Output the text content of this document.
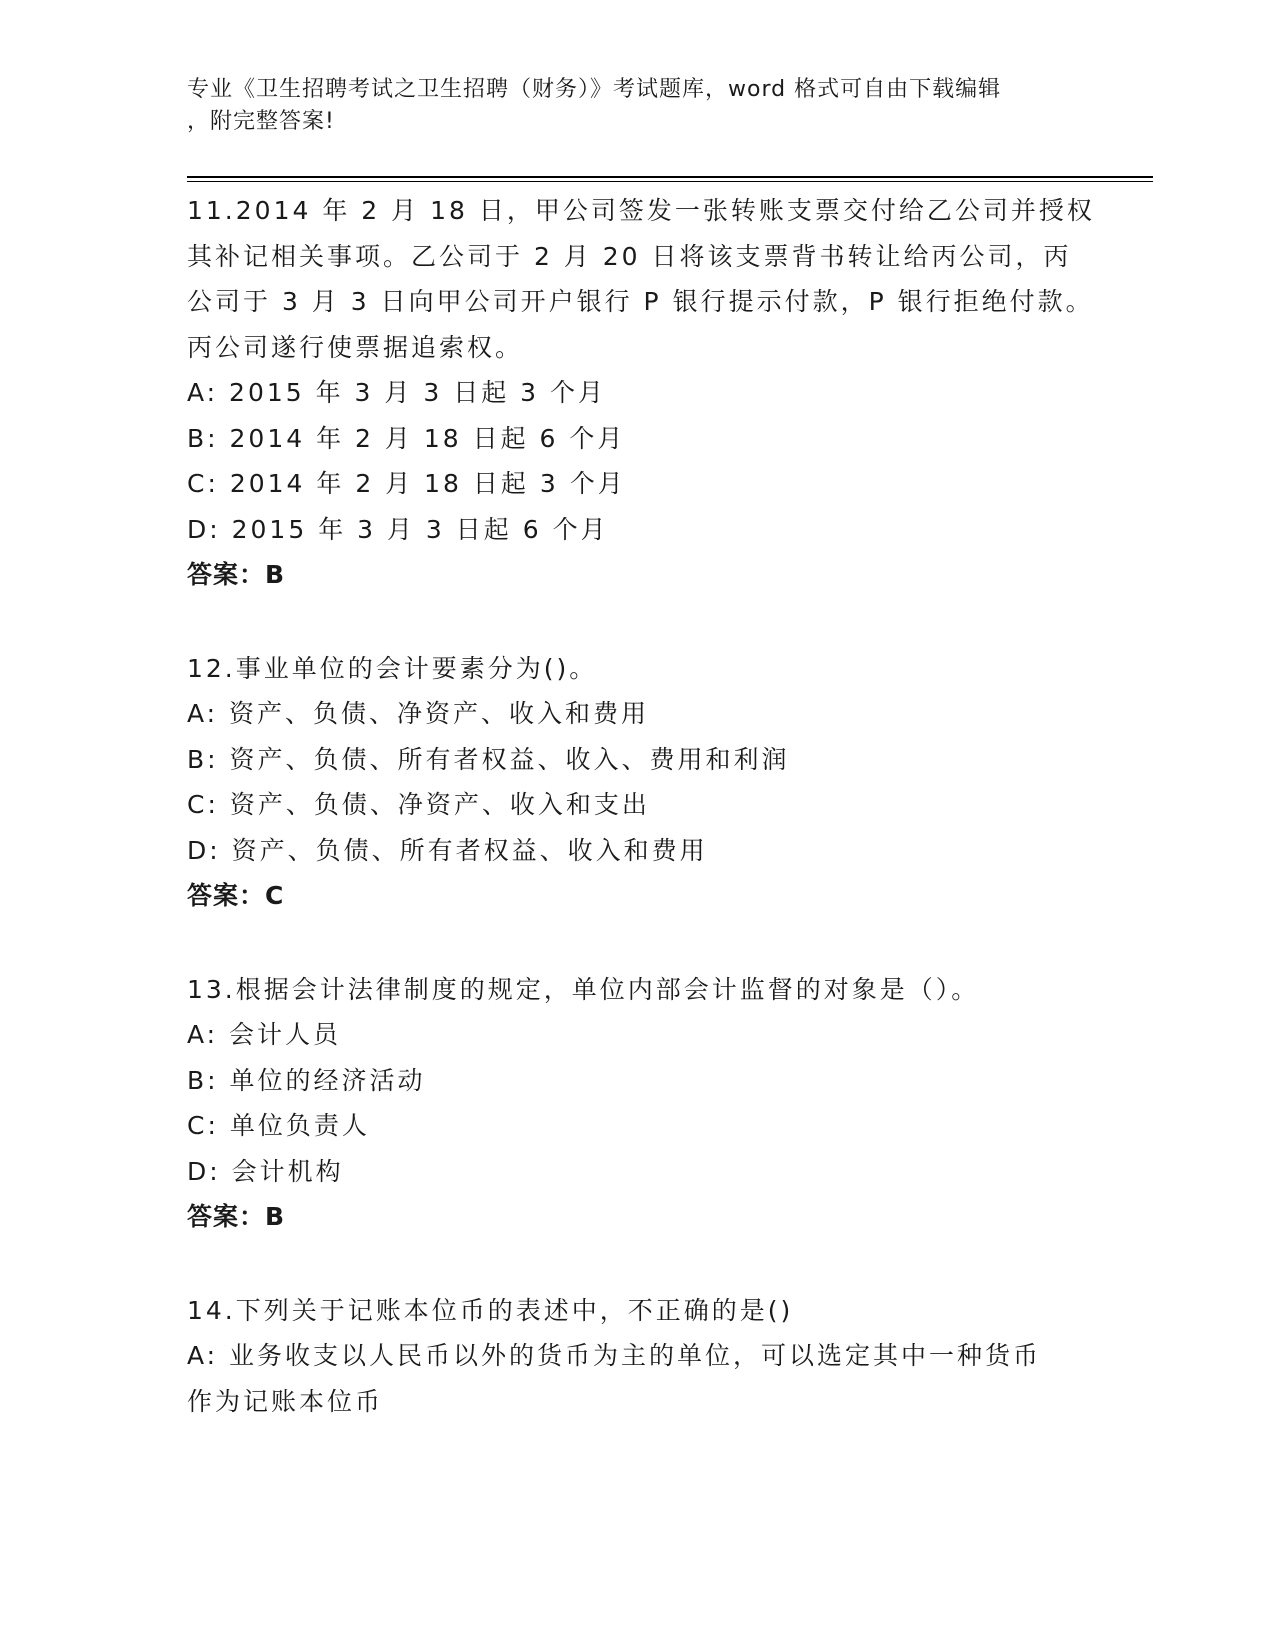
专业《卫生招聘考试之卫生招聘（财务）》考试题库，word 格式可自由下载编辑
，附完整答案!
11.2014 年 2 月 18 日，甲公司签发一张转账支票交付给乙公司并授权
其补记相关事项。乙公司于 2 月 20 日将该支票背书转让给丙公司，丙
公司于 3 月 3 日向甲公司开户银行 P 银行提示付款，P 银行拒绝付款。
丙公司遂行使票据追索权。
A: 2015 年 3 月 3 日起 3 个月
B: 2014 年 2 月 18 日起 6 个月
C: 2014 年 2 月 18 日起 3 个月
D: 2015 年 3 月 3 日起 6 个月
答案：B
12.事业单位的会计要素分为()。
A: 资产、负债、净资产、收入和费用
B: 资产、负债、所有者权益、收入、费用和利润
C: 资产、负债、净资产、收入和支出
D: 资产、负债、所有者权益、收入和费用
答案：C
13.根据会计法律制度的规定，单位内部会计监督的对象是（）。
A: 会计人员
B: 单位的经济活动
C: 单位负责人
D: 会计机构
答案：B
14.下列关于记账本位币的表述中，不正确的是()
A: 业务收支以人民币以外的货币为主的单位，可以选定其中一种货币
作为记账本位币
